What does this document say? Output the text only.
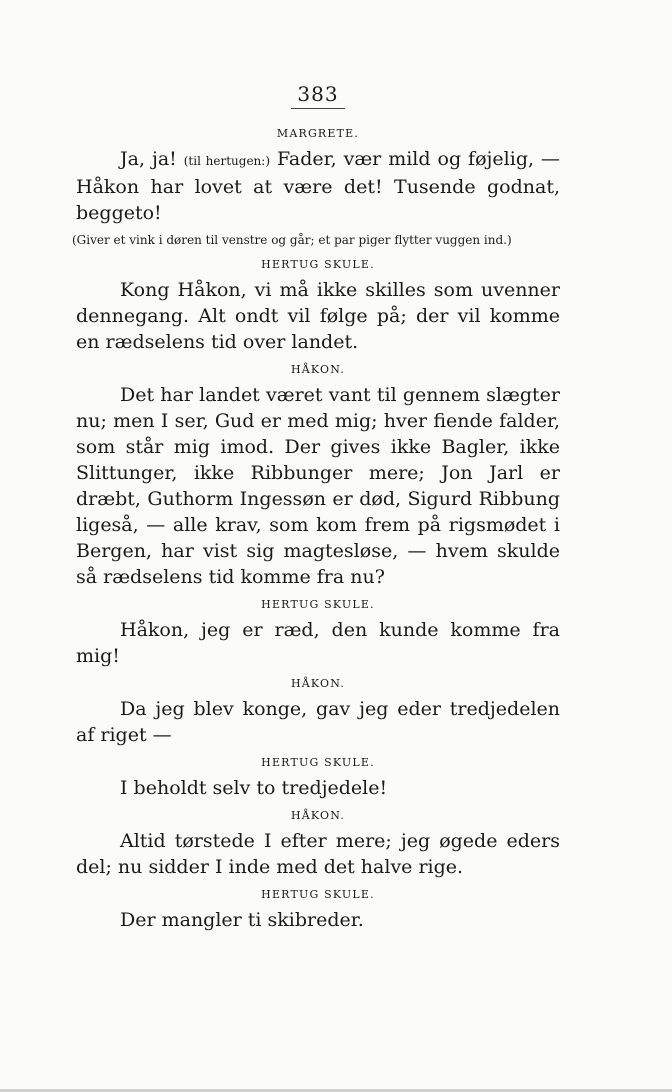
383
MARGRETE.

Ja, ja! (til hertugen:) Fader, vær mild og føjelig, — Håkon har lovet at være det! Tusende godnat, beggeto!

(Giver et vink i døren til venstre og går; et par piger flytter vuggen ind.)
HERTUG SKULE.

Kong Håkon, vi må ikke skilles som uvenner dennegang. Alt ondt vil følge på; der vil komme en rædselens tid over landet.

HÅKON.

Det har landet været vant til gennem slægter nu; men I ser, Gud er med mig; hver fiende falder, som står mig imod. Der gives ikke Bagler, ikke Slittunger, ikke Ribbunger mere; Jon Jarl er dræbt, Guthorm Ingessøn er død, Sigurd Ribbung ligeså, — alle krav, som kom frem på rigsmødet i Bergen, har vist sig magtesløse, — hvem skulde så rædselens tid komme fra nu?

HERTUG SKULE.

Håkon, jeg er ræd, den kunde komme fra mig!

HÅKON.

Da jeg blev konge, gav jeg eder tredjedelen af riget —

HERTUG SKULE.

I beholdt selv to tredjedele!

HÅKON.

Altid tørstede I efter mere; jeg øgede eders del; nu sidder I inde med det halve rige.

HERTUG SKULE.

Der mangler ti skibreder.
